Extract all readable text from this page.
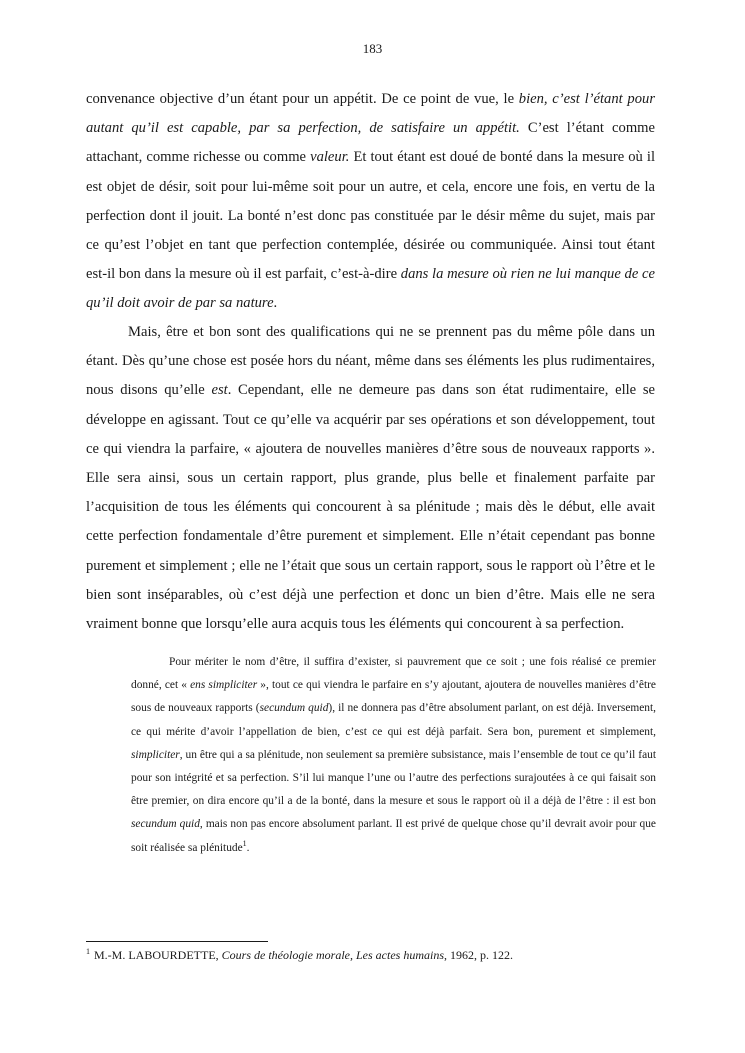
183

convenance objective d’un étant pour un appétit. De ce point de vue, le bien, c’est l’étant pour autant qu’il est capable, par sa perfection, de satisfaire un appétit. C’est l’étant comme attachant, comme richesse ou comme valeur. Et tout étant est doué de bonté dans la mesure où il est objet de désir, soit pour lui-même soit pour un autre, et cela, encore une fois, en vertu de la perfection dont il jouit. La bonté n’est donc pas constituée par le désir même du sujet, mais par ce qu’est l’objet en tant que perfection contemplée, désirée ou communiquée. Ainsi tout étant est-il bon dans la mesure où il est parfait, c’est-à-dire dans la mesure où rien ne lui manque de ce qu’il doit avoir de par sa nature.

Mais, être et bon sont des qualifications qui ne se prennent pas du même pôle dans un étant. Dès qu’une chose est posée hors du néant, même dans ses éléments les plus rudimentaires, nous disons qu’elle est. Cependant, elle ne demeure pas dans son état rudimentaire, elle se développe en agissant. Tout ce qu’elle va acquérir par ses opérations et son développement, tout ce qui viendra la parfaire, « ajoutera de nouvelles manières d’être sous de nouveaux rapports ». Elle sera ainsi, sous un certain rapport, plus grande, plus belle et finalement parfaite par l’acquisition de tous les éléments qui concourent à sa plénitude ; mais dès le début, elle avait cette perfection fondamentale d’être purement et simplement. Elle n’était cependant pas bonne purement et simplement ; elle ne l’était que sous un certain rapport, sous le rapport où l’être et le bien sont inséparables, où c’est déjà une perfection et donc un bien d’être. Mais elle ne sera vraiment bonne que lorsqu’elle aura acquis tous les éléments qui concourent à sa perfection.

Pour mériter le nom d’être, il suffira d’exister, si pauvrement que ce soit ; une fois réalisé ce premier donné, cet « ens simpliciter », tout ce qui viendra le parfaire en s’y ajoutant, ajoutera de nouvelles manières d’être sous de nouveaux rapports (secundum quid), il ne donnera pas d’être absolument parlant, on est déjà. Inversement, ce qui mérite d’avoir l’appellation de bien, c’est ce qui est déjà parfait. Sera bon, purement et simplement, simpliciter, un être qui a sa plénitude, non seulement sa première subsistance, mais l’ensemble de tout ce qu’il faut pour son intégrité et sa perfection. S’il lui manque l’une ou l’autre des perfections surajoutées à ce qui faisait son être premier, on dira encore qu’il a de la bonté, dans la mesure et sous le rapport où il a déjà de l’être : il est bon secundum quid, mais non pas encore absolument parlant. Il est privé de quelque chose qu’il devrait avoir pour que soit réalisée sa plénitude$^1$.

$^1$ M.-M. LABOURDETTE, Cours de théologie morale, Les actes humains, 1962, p. 122.
